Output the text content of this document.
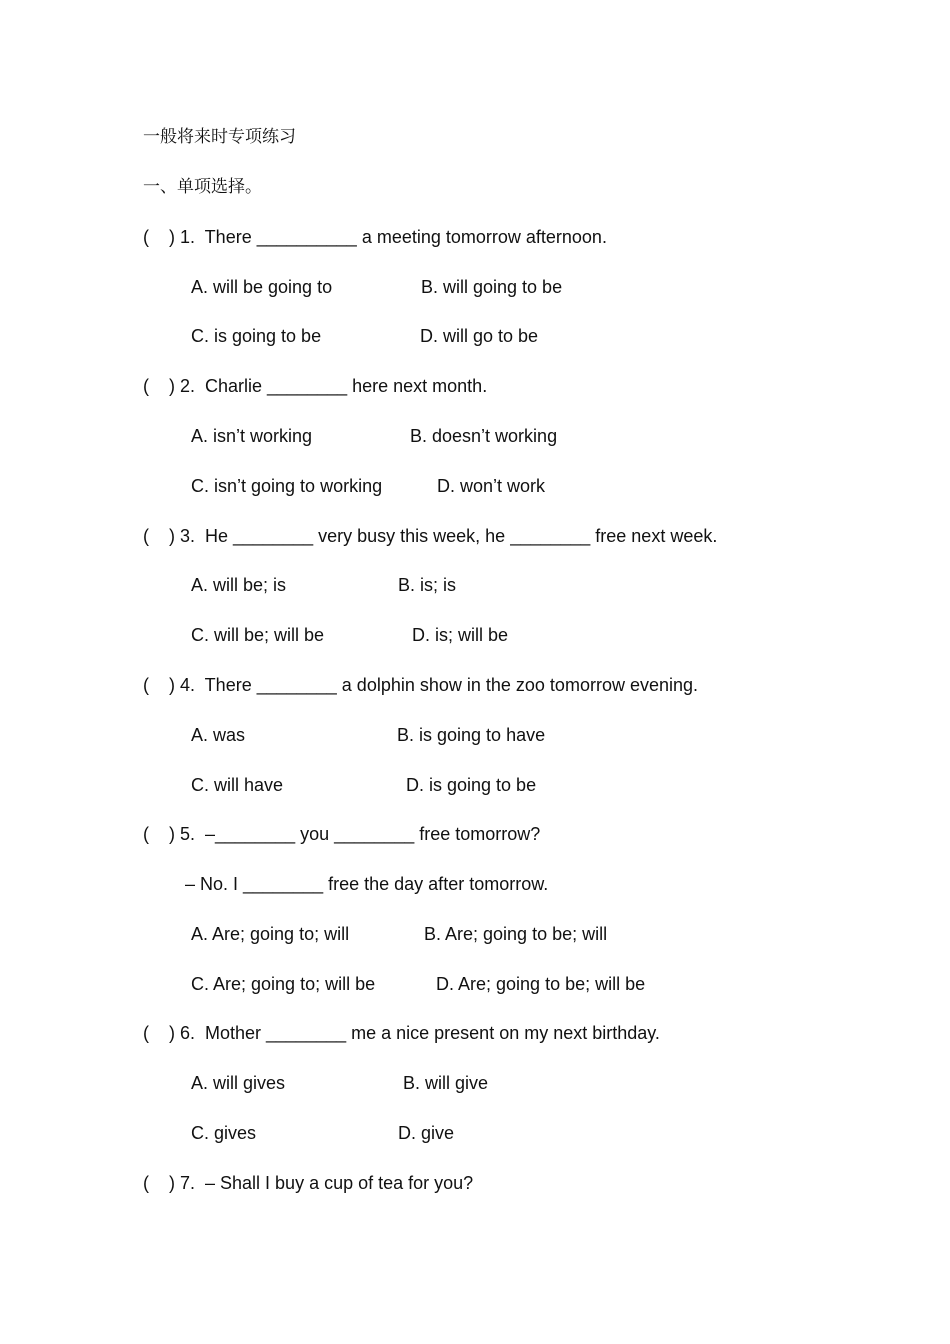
一般将来时专项练习
一、单项选择。
(    ) 1.  There __________ a meeting tomorrow afternoon.
A. will be going to	B. will going to be
C. is going to be	D. will go to be
(    ) 2.  Charlie ________ here next month.
A. isn’t working	B. doesn’t working
C. isn’t going to working	D. won’t work
(    ) 3.  He ________ very busy this week, he ________ free next week.
A. will be; is	B. is; is
C. will be; will be	D. is; will be
(    ) 4.  There ________ a dolphin show in the zoo tomorrow evening.
A. was	B. is going to have
C. will have	D. is going to be
(    ) 5.  –________ you ________ free tomorrow?
– No. I ________ free the day after tomorrow.
A. Are; going to; will	B. Are; going to be; will
C. Are; going to; will be	D. Are; going to be; will be
(    ) 6.  Mother ________ me a nice present on my next birthday.
A. will gives	B. will give
C. gives	D. give
(    ) 7.  – Shall I buy a cup of tea for you?
